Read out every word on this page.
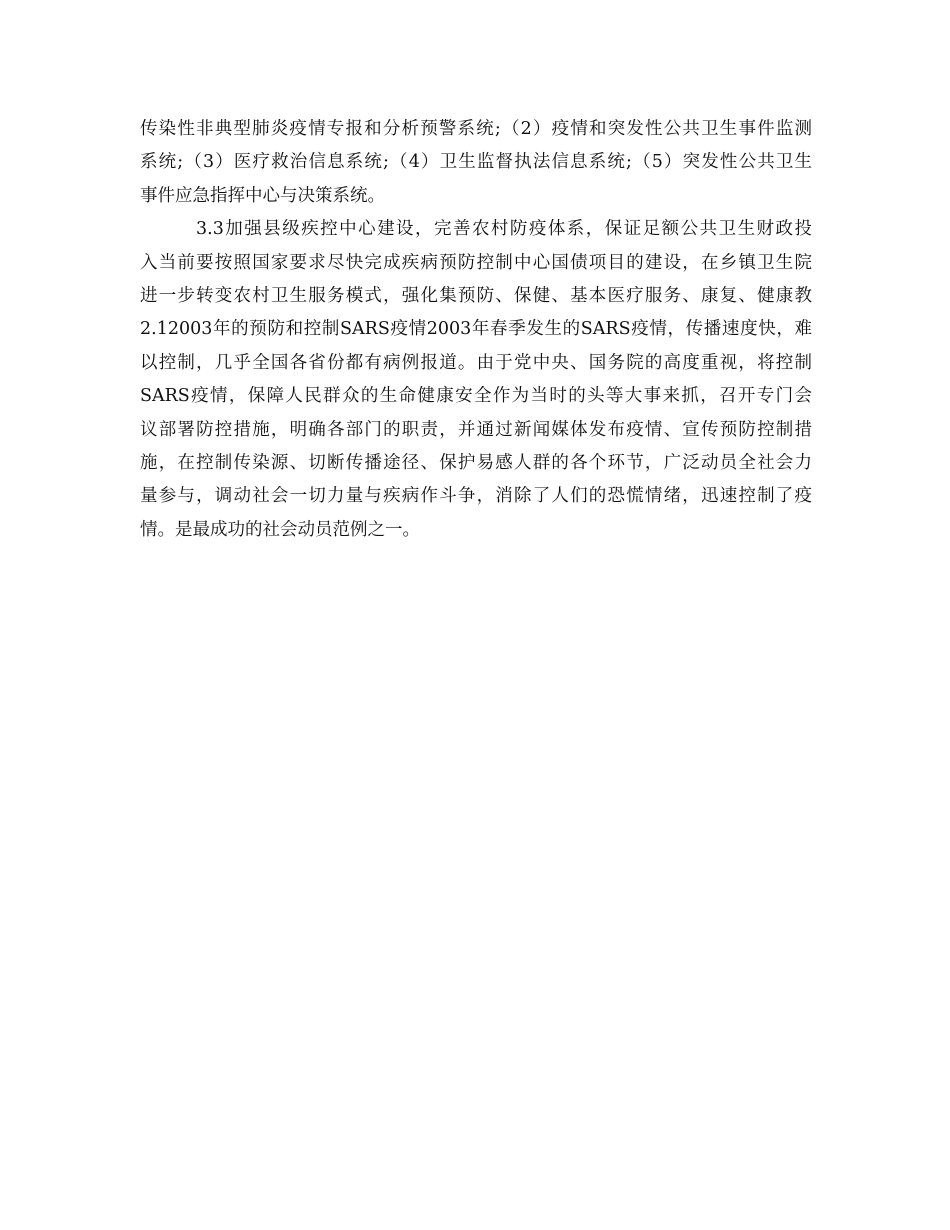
传染性非典型肺炎疫情专报和分析预警系统;（2）疫情和突发性公共卫生事件监测
系统;（3）医疗救治信息系统;（4）卫生监督执法信息系统;（5）突发性公共卫生
事件应急指挥中心与决策系统。
3.3加强县级疾控中心建设，完善农村防疫体系，保证足额公共卫生财政投
入当前要按照国家要求尽快完成疾病预防控制中心国债项目的建设，在乡镇卫生院
进一步转变农村卫生服务模式，强化集预防、保健、基本医疗服务、康复、健康教
2.12003年的预防和控制SARS疫情2003年春季发生的SARS疫情，传播速度快，难
以控制，几乎全国各省份都有病例报道。由于党中央、国务院的高度重视，将控制
SARS疫情，保障人民群众的生命健康安全作为当时的头等大事来抓，召开专门会
议部署防控措施，明确各部门的职责，并通过新闻媒体发布疫情、宣传预防控制措
施，在控制传染源、切断传播途径、保护易感人群的各个环节，广泛动员全社会力
量参与，调动社会一切力量与疾病作斗争，消除了人们的恐慌情绪，迅速控制了疫
情。是最成功的社会动员范例之一。
